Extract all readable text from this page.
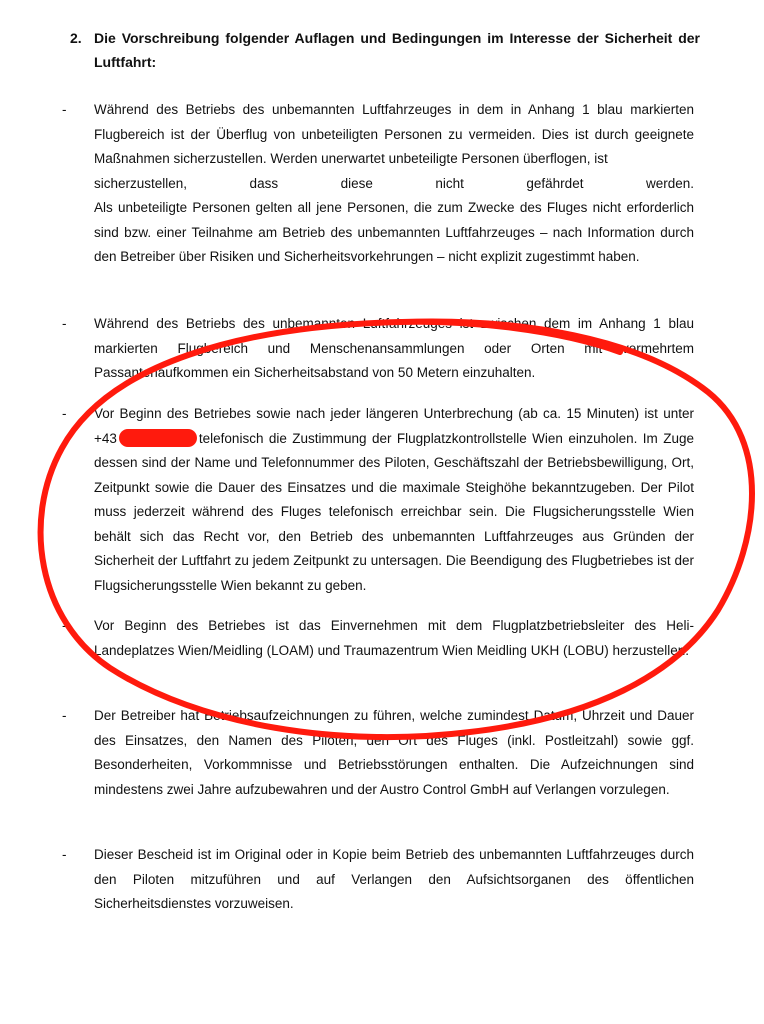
2. Die Vorschreibung folgender Auflagen und Bedingungen im Interesse der Sicherheit der Luftfahrt:
- Während des Betriebs des unbemannten Luftfahrzeuges in dem in Anhang 1 blau markierten Flugbereich ist der Überflug von unbeteiligten Personen zu vermeiden. Dies ist durch geeignete Maßnahmen sicherzustellen. Werden unerwartet unbeteiligte Personen überflogen, ist
sicherzustellen, dass diese nicht gefährdet werden.
Als unbeteiligte Personen gelten all jene Personen, die zum Zwecke des Fluges nicht erforderlich sind bzw. einer Teilnahme am Betrieb des unbemannten Luftfahrzeuges – nach Information durch den Betreiber über Risiken und Sicherheitsvorkehrungen – nicht explizit zugestimmt haben.
- Während des Betriebs des unbemannten Luftfahrzeuges ist zwischen dem im Anhang 1 blau markierten Flugbereich und Menschenansammlungen oder Orten mit vermehrtem Passantenaufkommen ein Sicherheitsabstand von 50 Metern einzuhalten.
- Vor Beginn des Betriebes sowie nach jeder längeren Unterbrechung (ab ca. 15 Minuten) ist unter +43	telefonisch die Zustimmung der Flugplatzkontrollstelle Wien einzuholen. Im Zuge dessen sind der Name und Telefonnummer des Piloten, Geschäftszahl der Betriebsbewilligung, Ort, Zeitpunkt sowie die Dauer des Einsatzes und die maximale Steighöhe bekanntzugeben. Der Pilot muss jederzeit während des Fluges telefonisch erreichbar sein. Die Flugsicherungsstelle Wien behält sich das Recht vor, den Betrieb des unbemannten Luftfahrzeuges aus Gründen der Sicherheit der Luftfahrt zu jedem Zeitpunkt zu untersagen. Die Beendigung des Flugbetriebes ist der Flugsicherungsstelle Wien bekannt zu geben.
- Vor Beginn des Betriebes ist das Einvernehmen mit dem Flugplatzbetriebsleiter des Heli-Landeplatzes Wien/Meidling (LOAM) und Traumazentrum Wien Meidling UKH (LOBU) herzustellen.
- Der Betreiber hat Betriebsaufzeichnungen zu führen, welche zumindest Datum, Uhrzeit und Dauer des Einsatzes, den Namen des Piloten, den Ort des Fluges (inkl. Postleitzahl) sowie ggf. Besonderheiten, Vorkommnisse und Betriebsstörungen enthalten. Die Aufzeichnungen sind mindestens zwei Jahre aufzubewahren und der Austro Control GmbH auf Verlangen vorzulegen.
- Dieser Bescheid ist im Original oder in Kopie beim Betrieb des unbemannten Luftfahrzeuges durch den Piloten mitzuführen und auf Verlangen den Aufsichtsorganen des öffentlichen Sicherheitsdienstes vorzuweisen.
